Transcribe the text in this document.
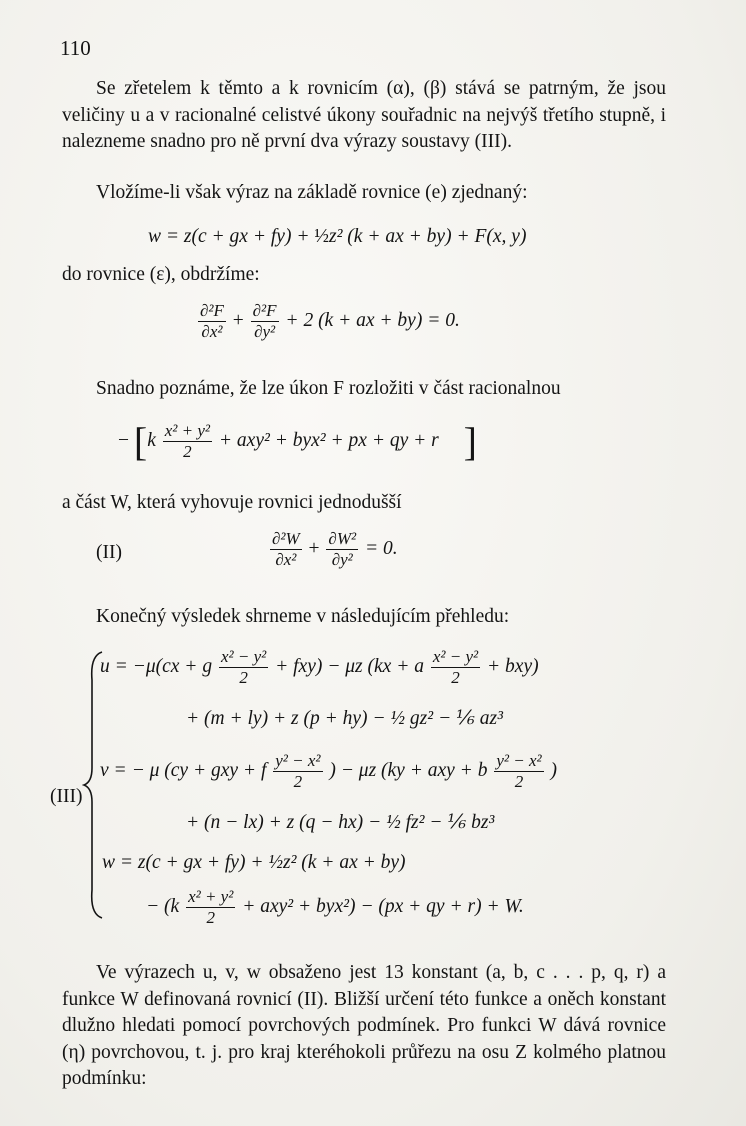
110

Se zřetelem k těmto a k rovnicím (α), (β) stává se patrným, že jsou veličiny u a v racionalné celistvé úkony souřadnic na nejvýš třetího stupně, i nalezneme snadno pro ně první dva výrazy soustavy (III).

Vložíme-li však výraz na základě rovnice (e) zjednaný:

w = z(c + gx + fy) + ½z² (k + ax + by) + F(x, y)

do rovnice (ε), obdržíme:

$\frac{\text{∂²F}}{\text{∂x²}} + \frac{\text{∂²F}}{\text{∂y²}} + 2$ (k + ax + by) = 0.

Snadno poznáme, že lze úkon F rozložiti v část racionalnou

− [$k \frac{\text{x² + y²}}{2} + axy^2 + byx^2$ + px + qy + r   ]

a část W, která vyhovuje rovnici jednodušší

(II)	$\frac{\text{∂²W}}{\text{∂x²}} + \frac{\text{∂W²}}{\text{∂y²}} = 0$.

Konečný výsledek shrneme v následujícím přehledu:

(III)
u = −μ(cx + g $\frac{\text{x² − y²}}{2} + fxy) - \mu z$ (kx + a $\frac{\text{x² − y²}}{2} + bxy$)
+ (m + ly) + z (p + hy) − ½ gz² − ⅙ az³
v = − μ (cy + gxy + f $\frac{\text{y² − x²}}{2}$ ) − μz (ky + axy + b $\frac{\text{y² − x²}}{2}$ )
+ (n − lx) + z (q − hx) − ½ fz² − ⅙ bz³
w = z(c + gx + fy) + ½z² (k + ax + by)
− $(k \frac{\text{x² + y²}}{2} + axy^2 + byx^2) - (px$ + qy + r) + W.

Ve výrazech u, v, w obsaženo jest 13 konstant (a, b, c . . . p, q, r) a funkce W definovaná rovnicí (II). Bližší určení této funkce a oněch konstant dlužno hledati pomocí povrchových podmínek. Pro funkci W dává rovnice (η) povrchovou, t. j. pro kraj kteréhokoli průřezu na osu Z kolmého platnou podmínku:
